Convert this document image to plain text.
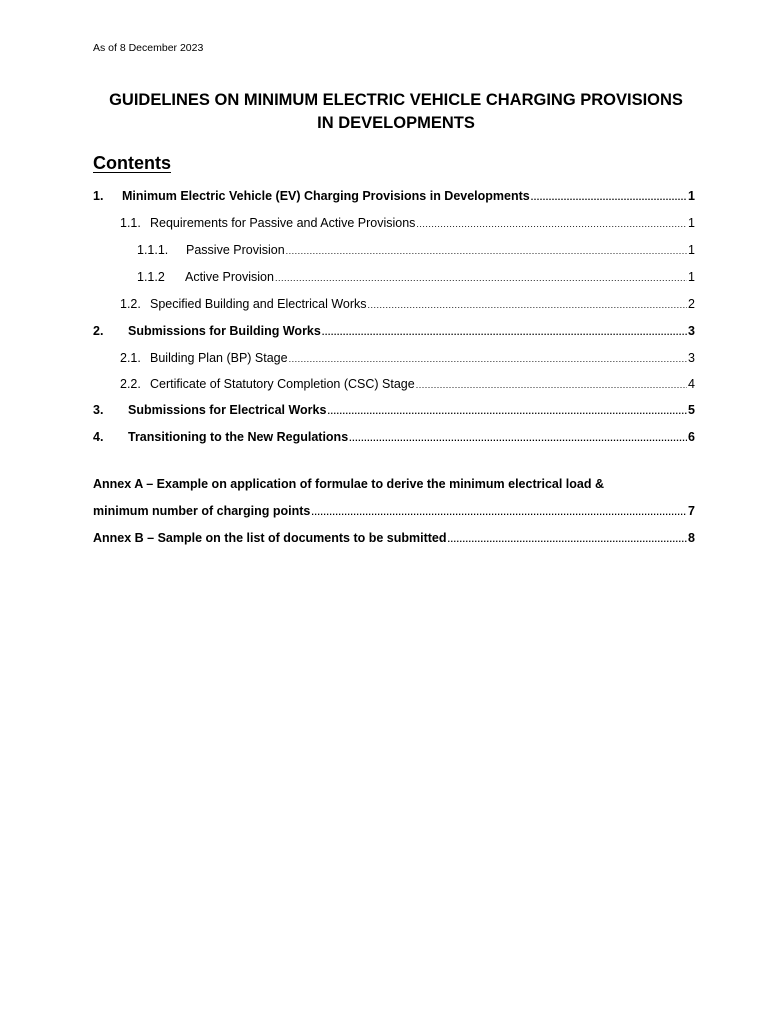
As of 8 December 2023
GUIDELINES ON MINIMUM ELECTRIC VEHICLE CHARGING PROVISIONS
IN DEVELOPMENTS
Contents
1.	Minimum Electric Vehicle (EV) Charging Provisions in Developments .....	1
1.1. Requirements for Passive and Active Provisions .....	1
1.1.1.	Passive Provision .....	1
1.1.2	Active Provision .....	1
1.2. Specified Building and Electrical Works .....	2
2.	Submissions for Building Works .....	3
2.1. Building Plan (BP) Stage .....	3
2.2. Certificate of Statutory Completion (CSC) Stage .....	4
3.	Submissions for Electrical Works .....	5
4.	Transitioning to the New Regulations .....	6
Annex A – Example on application of formulae to derive the minimum electrical load &
minimum number of charging points .....	7
Annex B – Sample on the list of documents to be submitted .....	8
